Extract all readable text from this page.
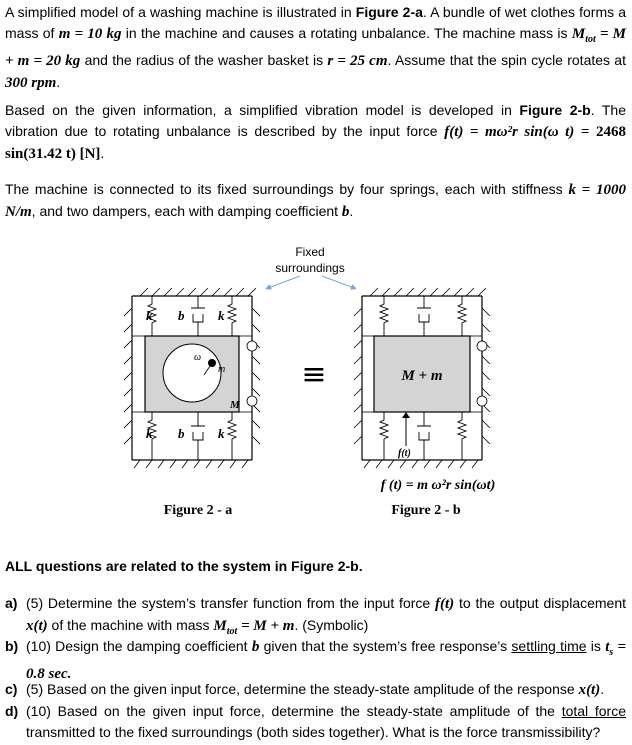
A simplified model of a washing machine is illustrated in Figure 2-a. A bundle of wet clothes forms a mass of m = 10 kg in the machine and causes a rotating unbalance. The machine mass is $M_{tot} = M + m = 20$ kg and the radius of the washer basket is r = 25 cm. Assume that the spin cycle rotates at 300 rpm.

Based on the given information, a simplified vibration model is developed in Figure 2-b. The vibration due to rotating unbalance is described by the input force f(t) = mω²r sin(ω t) = 2468 sin(31.42 t) [N].

The machine is connected to its fixed surroundings by four springs, each with stiffness k = 1000 N/m, and two dampers, each with damping coefficient b.

Fixed
surroundings
k	k
b
k	k
b
ω
m
M
≡	M + m
f(t)
f (t) = m ω²r sin(ωt)
Figure 2 - a	Figure 2 - b
ALL questions are related to the system in Figure 2-b.
a) (5) Determine the system’s transfer function from the input force f(t) to the output displacement x(t) of the machine with mass $M_{tot} = M + m$. (Symbolic)
b) (10) Design the damping coefficient b given that the system’s free response’s settling time is $t_s = 0.8$ sec.
c) (5) Based on the given input force, determine the steady-state amplitude of the response x(t).
d) (10) Based on the given input force, determine the steady-state amplitude of the total force transmitted to the fixed surroundings (both sides together). What is the force transmissibility?
